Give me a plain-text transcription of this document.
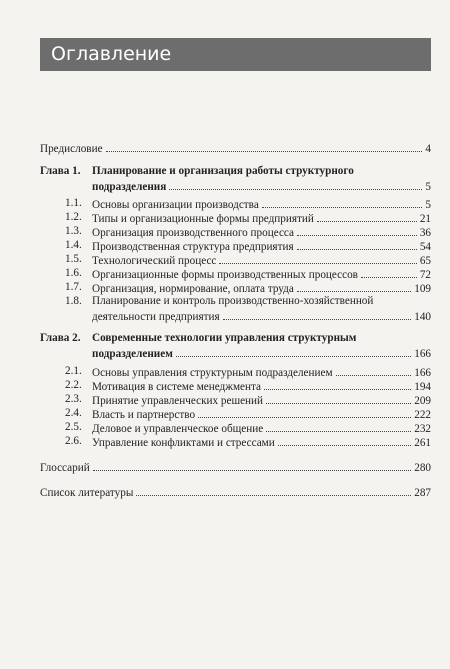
Оглавление
Предисловие	4
Глава 1. Планирование и организация работы структурного
подразделения	5
1.1. Основы организации производства	5
1.2. Типы и организационные формы предприятий	21
1.3. Организация производственного процесса	36
1.4. Производственная структура предприятия	54
1.5. Технологический процесс	65
1.6. Организационные формы производственных процессов	72
1.7. Организация, нормирование, оплата труда	109
1.8. Планирование и контроль производственно-хозяйственной
деятельности предприятия	140
Глава 2. Современные технологии управления структурным
подразделением	166
2.1. Основы управления структурным подразделением	166
2.2. Мотивация в системе менеджмента	194
2.3. Принятие управленческих решений	209
2.4. Власть и партнерство	222
2.5. Деловое и управленческое общение	232
2.6. Управление конфликтами и стрессами	261
Глоссарий	280
Список литературы	287
